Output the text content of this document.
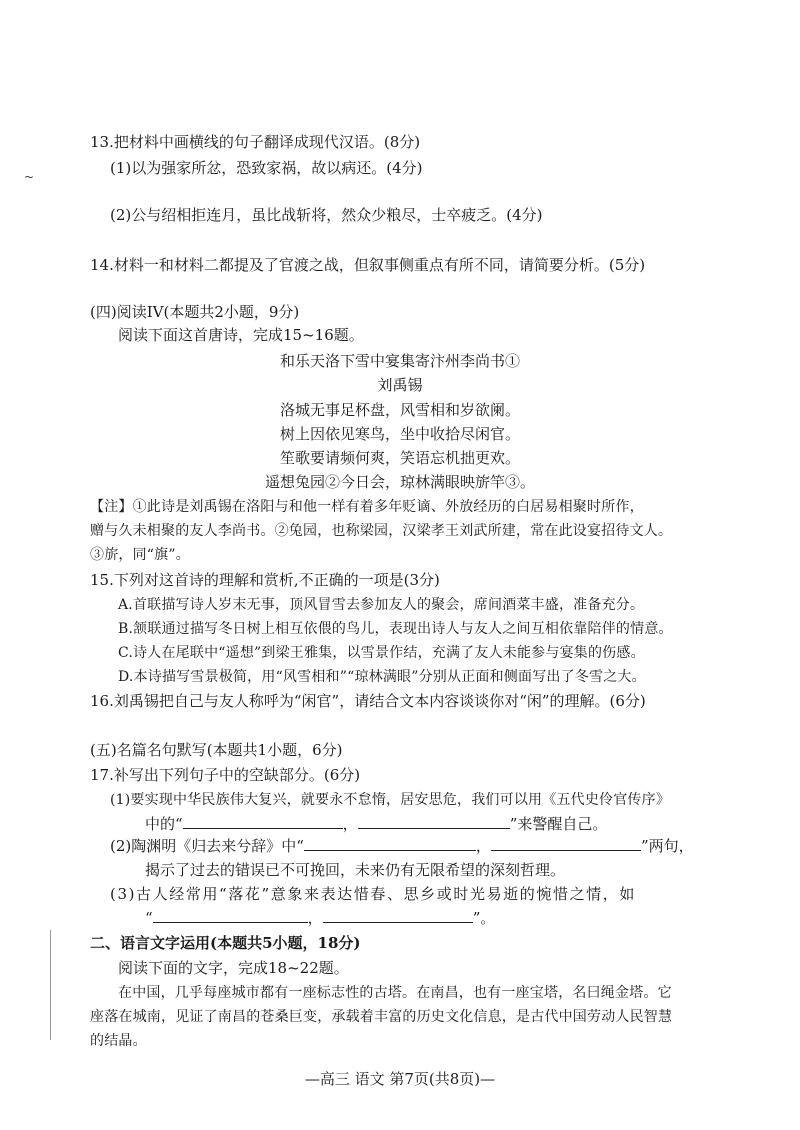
~
13.把材料中画横线的句子翻译成现代汉语。(8分)
(1)以为强家所忿，恐致家祸，故以病还。(4分)
(2)公与绍相拒连月，虽比战斩将，然众少粮尽，士卒疲乏。(4分)
14.材料一和材料二都提及了官渡之战，但叙事侧重点有所不同，请简要分析。(5分)
(四)阅读IV(本题共2小题，9分)
阅读下面这首唐诗，完成15~16题。
和乐天洛下雪中宴集寄汴州李尚书①
刘禹锡
洛城无事足杯盘，风雪相和岁欲阑。
树上因依见寒鸟，坐中收拾尽闲官。
笙歌要请频何爽，笑语忘机拙更欢。
遥想兔园②今日会，琼林满眼映旂竿③。
【注】①此诗是刘禹锡在洛阳与和他一样有着多年贬谪、外放经历的白居易相聚时所作，
赠与久未相聚的友人李尚书。②兔园，也称梁园，汉梁孝王刘武所建，常在此设宴招待文人。
③旂，同“旗”。
15.下列对这首诗的理解和赏析,不正确的一项是(3分)
A.首联描写诗人岁末无事，顶风冒雪去参加友人的聚会，席间酒菜丰盛，准备充分。
B.颔联通过描写冬日树上相互依偎的鸟儿，表现出诗人与友人之间互相依靠陪伴的情意。
C.诗人在尾联中“遥想”到梁王雅集，以雪景作结，充满了友人未能参与宴集的伤感。
D.本诗描写雪景极简，用“风雪相和”“琼林满眼”分别从正面和侧面写出了冬雪之大。
16.刘禹锡把自己与友人称呼为“闲官”，请结合文本内容谈谈你对“闲”的理解。(6分)
(五)名篇名句默写(本题共1小题，6分)
17.补写出下列句子中的空缺部分。(6分)
(1)要实现中华民族伟大复兴，就要永不怠惰，居安思危，我们可以用《五代史伶官传序》
中的“	，	”来警醒自己。
(2)陶渊明《归去来兮辞》中“	，	”两句，
揭示了过去的错误已不可挽回，未来仍有无限希望的深刻哲理。
(3)古人经常用“落花”意象来表达惜春、思乡或时光易逝的惋惜之情，如
“	，	”。
二、语言文字运用(本题共5小题，18分)
阅读下面的文字，完成18~22题。
在中国，几乎每座城市都有一座标志性的古塔。在南昌，也有一座宝塔，名曰绳金塔。它
座落在城南，见证了南昌的苍桑巨变，承载着丰富的历史文化信息，是古代中国劳动人民智慧
的结晶。
—高三 语文 第7页(共8页)—
